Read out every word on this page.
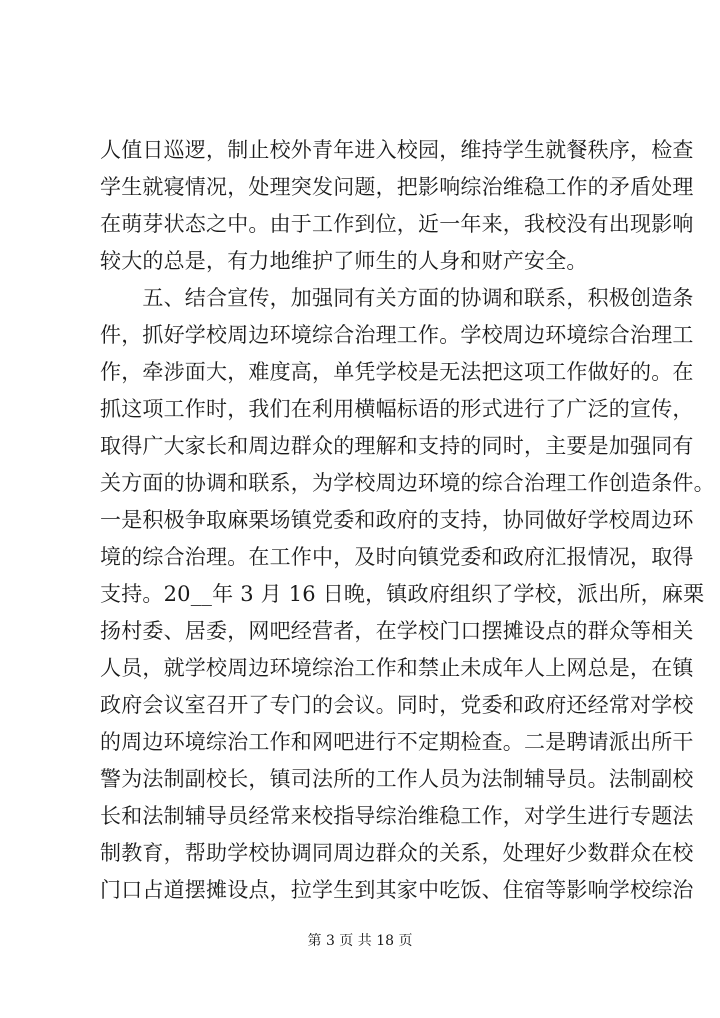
人值日巡逻，制止校外青年进入校园，维持学生就餐秩序，检查
学生就寝情况，处理突发问题，把影响综治维稳工作的矛盾处理
在萌芽状态之中。由于工作到位，近一年来，我校没有出现影响
较大的总是，有力地维护了师生的人身和财产安全。
　　五、结合宣传，加强同有关方面的协调和联系，积极创造条
件，抓好学校周边环境综合治理工作。学校周边环境综合治理工
作，牵涉面大，难度高，单凭学校是无法把这项工作做好的。在
抓这项工作时，我们在利用横幅标语的形式进行了广泛的宣传，
取得广大家长和周边群众的理解和支持的同时，主要是加强同有
关方面的协调和联系，为学校周边环境的综合治理工作创造条件。
一是积极争取麻栗场镇党委和政府的支持，协同做好学校周边环
境的综合治理。在工作中，及时向镇党委和政府汇报情况，取得
支持。20__年 3 月 16 日晚，镇政府组织了学校，派出所，麻栗
扬村委、居委，网吧经营者，在学校门口摆摊设点的群众等相关
人员，就学校周边环境综治工作和禁止未成年人上网总是，在镇
政府会议室召开了专门的会议。同时，党委和政府还经常对学校
的周边环境综治工作和网吧进行不定期检查。二是聘请派出所干
警为法制副校长，镇司法所的工作人员为法制辅导员。法制副校
长和法制辅导员经常来校指导综治维稳工作，对学生进行专题法
制教育，帮助学校协调同周边群众的关系，处理好少数群众在校
门口占道摆摊设点，拉学生到其家中吃饭、住宿等影响学校综治
第 3 页 共 18 页
